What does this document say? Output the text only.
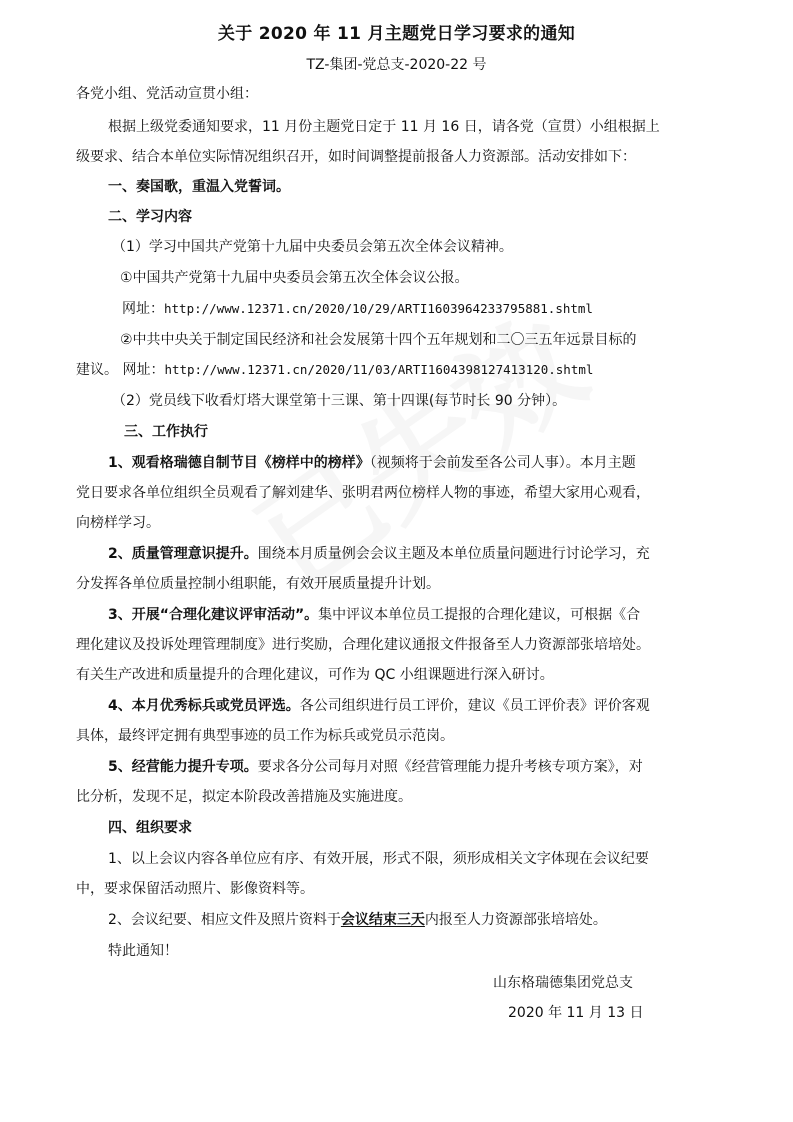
关于 2020 年 11 月主题党日学习要求的通知
TZ-集团-党总支-2020-22 号
各党小组、党活动宣贯小组：
根据上级党委通知要求，11 月份主题党日定于 11 月 16 日，请各党（宣贯）小组根据上
级要求、结合本单位实际情况组织召开，如时间调整提前报备人力资源部。活动安排如下：
一、奏国歌，重温入党誓词。
二、学习内容
（1）学习中国共产党第十九届中央委员会第五次全体会议精神。
①中国共产党第十九届中央委员会第五次全体会议公报。
网址：http://www.12371.cn/2020/10/29/ARTI1603964233795881.shtml
②中共中央关于制定国民经济和社会发展第十四个五年规划和二〇三五年远景目标的
建议。 网址：http://www.12371.cn/2020/11/03/ARTI1604398127413120.shtml
（2）党员线下收看灯塔大课堂第十三课、第十四课(每节时长 90 分钟）。
三、工作执行
1、观看格瑞德自制节目《榜样中的榜样》（视频将于会前发至各公司人事）。本月主题
党日要求各单位组织全员观看了解刘建华、张明君两位榜样人物的事迹，希望大家用心观看，
向榜样学习。
2、质量管理意识提升。围绕本月质量例会会议主题及本单位质量问题进行讨论学习，充
分发挥各单位质量控制小组职能，有效开展质量提升计划。
3、开展“合理化建议评审活动”。集中评议本单位员工提报的合理化建议，可根据《合
理化建议及投诉处理管理制度》进行奖励，合理化建议通报文件报备至人力资源部张培培处。
有关生产改进和质量提升的合理化建议，可作为 QC 小组课题进行深入研讨。
4、本月优秀标兵或党员评选。各公司组织进行员工评价，建议《员工评价表》评价客观
具体，最终评定拥有典型事迹的员工作为标兵或党员示范岗。
5、经营能力提升专项。要求各分公司每月对照《经营管理能力提升考核专项方案》，对
比分析，发现不足，拟定本阶段改善措施及实施进度。
四、组织要求
1、以上会议内容各单位应有序、有效开展，形式不限，须形成相关文字体现在会议纪要
中，要求保留活动照片、影像资料等。
2、会议纪要、相应文件及照片资料于会议结束三天内报至人力资源部张培培处。
特此通知！
山东格瑞德集团党总支
2020 年 11 月 13 日
